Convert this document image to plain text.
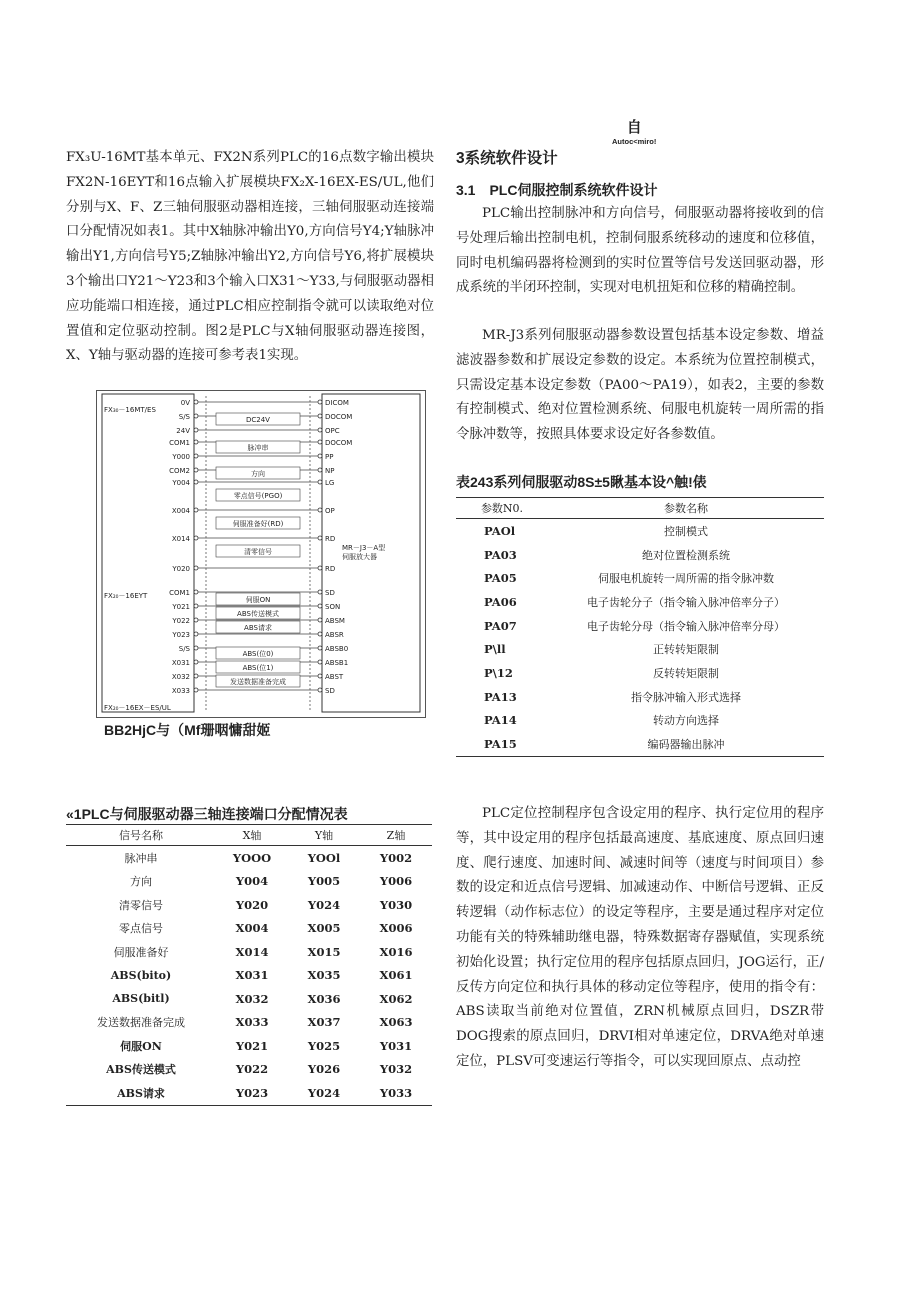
自
Autoc<miro!

FX₃U-16MT基本单元、FX2N系列PLC的16点数字输出模块FX2N-16EYT和16点输入扩展模块FX₂X-16EX-ES/UL,他们分别与X、F、Z三轴伺服驱动器相连接，三轴伺服驱动连接端口分配情况如表1。其中X轴脉冲输出Y0,方向信号Y4;Y轴脉冲输出Y1,方向信号Y5;Z轴脉冲输出Y2,方向信号Y6,将扩展模块3个输出口Y21～Y23和3个输入口X31～Y33,与伺服驱动器相应功能端口相连接，通过PLC相应控制指令就可以读取绝对位置值和定位驱动控制。图2是PLC与X轴伺服驱动器连接图，X、Y轴与驱动器的连接可参考表1实现。

FX₃₀－16MT/ES
FX₂₀－16EYT
FX₂₀－16EX－ES/UL
MR－J3－A型伺服放大器
0V
S/S
24V
COM1
Y000
COM2
Y004
X004
X014
Y020
COM1
Y021
Y022
Y023
S/S
X031
X032
X033
DICOM
DOCOM
OPC
DOCOM
PP
NP
LG
OP
RD
RD
SD
SON
ABSM
ABSR
ABSB0
ABSB1
ABST
SD
DC24V
脉冲串
方向
零点信号(PGO)
伺服准备好(RD)
清零信号
伺服ON
ABS传送模式
ABS请求
ABS(位0)
ABS(位1)
发送数据准备完成
BB2HjC与（Mf珊咽慵甜姬
«1PLC与伺服驱动器三轴连接端口分配情况表
信号名称	X轴	Y轴	Z轴
脉冲串	YOOO	YOOl	Y002
方向	Y004	Y005	Y006
清零信号	Y020	Y024	Y030
零点信号	X004	X005	X006
伺服准备好	X014	X015	X016
ABS(bito)	X031	X035	X061
ABS(bitl)	X032	X036	X062
发送数据准备完成	X033	X037	X063
伺服ON	Y021	Y025	Y031
ABS传送模式	Y022	Y026	Y032
ABS请求	Y023	Y024	Y033
3系统软件设计
3.1　PLC伺服控制系统软件设计

PLC输出控制脉冲和方向信号，伺服驱动器将接收到的信号处理后输出控制电机，控制伺服系统移动的速度和位移值，同时电机编码器将检测到的实时位置等信号发送回驱动器，形成系统的半闭环控制，实现对电机扭矩和位移的精确控制。

MR-J3系列伺服驱动器参数设置包括基本设定参数、增益滤波器参数和扩展设定参数的设定。本系统为位置控制模式，只需设定基本设定参数（PA00～PA19），如表2，主要的参数有控制模式、绝对位置检测系统、伺服电机旋转一周所需的指令脉冲数等，按照具体要求设定好各参数值。

表243系列伺服驱动8S±5瞅基本设^触!俵
参数N0.	参数名称
PAOl	控制模式
PA03	绝对位置检测系统
PA05	伺服电机旋转一周所需的指令脉冲数
PA06	电子齿轮分子（指令输入脉冲倍率分子）
PA07	电子齿轮分母（指令输入脉冲倍率分母）
P\ll	正转转矩限制
P\12	反转转矩限制
PA13	指令脉冲输入形式选择
PA14	转动方向选择
PA15	编码器输出脉冲

PLC定位控制程序包含设定用的程序、执行定位用的程序等，其中设定用的程序包括最高速度、基底速度、原点回归速度、爬行速度、加速时间、减速时间等（速度与时间项目）参数的设定和近点信号逻辑、加减速动作、中断信号逻辑、正反转逻辑（动作标志位）的设定等程序，主要是通过程序对定位功能有关的特殊辅助继电器，特殊数据寄存器赋值，实现系统初始化设置；执行定位用的程序包括原点回归，JOG运行，正/反传方向定位和执行具体的移动定位等程序，使用的指令有：ABS读取当前绝对位置值，ZRN机械原点回归，DSZR带DOG搜索的原点回归，DRVI相对单速定位，DRVA绝对单速定位，PLSV可变速运行等指令，可以实现回原点、点动控
